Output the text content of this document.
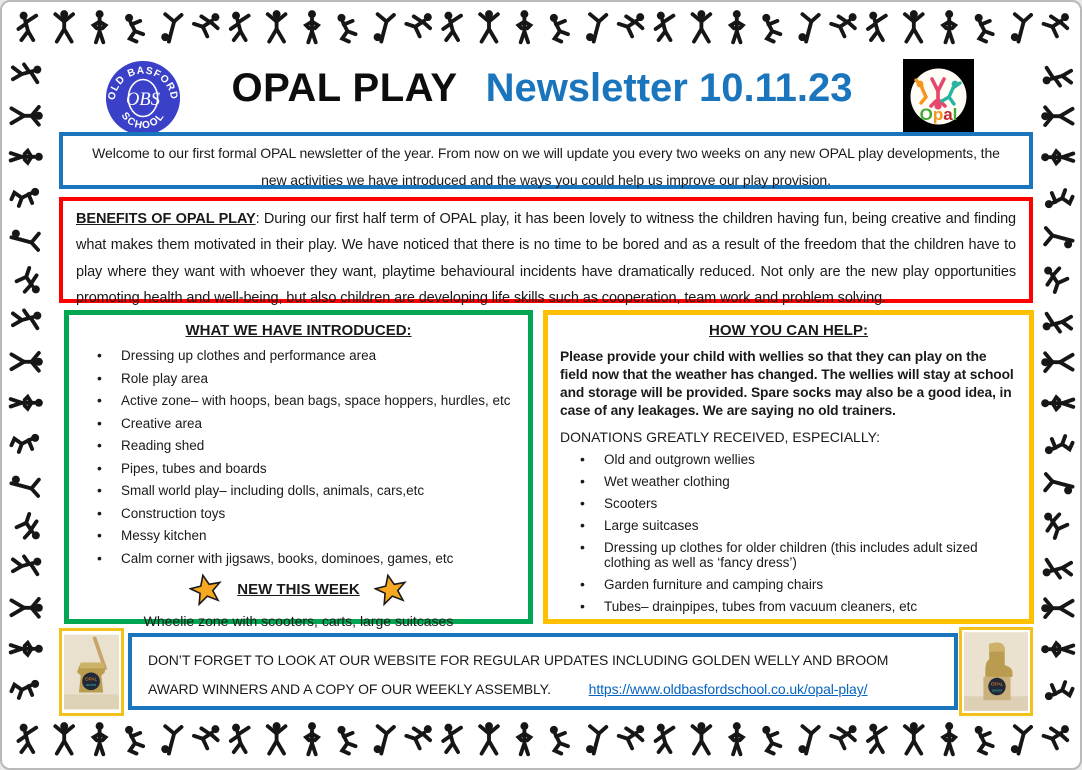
OLD BASFORD
OBS
SCHOOL
OPAL PLAY Newsletter 10.11.23
Opal
Welcome to our first formal OPAL newsletter of the year. From now on we will update you every two weeks on any new OPAL play developments, the new activities we have introduced and the ways you could help us improve our play provision.
BENEFITS OF OPAL PLAY: During our first half term of OPAL play, it has been lovely to witness the children having fun, being creative and finding what makes them motivated in their play. We have noticed that there is no time to be bored and as a result of the freedom that the children have to play where they want with whoever they want, playtime behavioural incidents have dramatically reduced. Not only are the new play opportunities promoting health and well-being, but also children are developing life skills such as cooperation, team work and problem solving.
WHAT WE HAVE INTRODUCED:
• Dressing up clothes and performance area
• Role play area
• Active zone– with hoops, bean bags, space hoppers, hurdles, etc
• Creative area
• Reading shed
• Pipes, tubes and boards
• Small world play– including dolls, animals, cars,etc
• Construction toys
• Messy kitchen
• Calm corner with jigsaws, books, dominoes, games, etc
NEW THIS WEEK
Wheelie zone with scooters, carts, large suitcases
HOW YOU CAN HELP:

Please provide your child with wellies so that they can play on the field now that the weather has changed. The wellies will stay at school and storage will be provided. Spare socks may also be a good idea, in case of any leakages. We are saying no old trainers.

DONATIONS GREATLY RECEIVED, ESPECIALLY:
• Old and outgrown wellies
• Wet weather clothing
• Scooters
• Large suitcases
• Dressing up clothes for older children (this includes adult sized clothing as well as ‘fancy dress’)
• Garden furniture and camping chairs
• Tubes– drainpipes, tubes from vacuum cleaners, etc
OPAL
award
DON’T FORGET TO LOOK AT OUR WEBSITE FOR REGULAR UPDATES INCLUDING GOLDEN WELLY AND BROOM AWARD WINNERS AND A COPY OF OUR WEEKLY ASSEMBLY.	https://www.oldbasfordschool.co.uk/opal-play/	OPAL
award
